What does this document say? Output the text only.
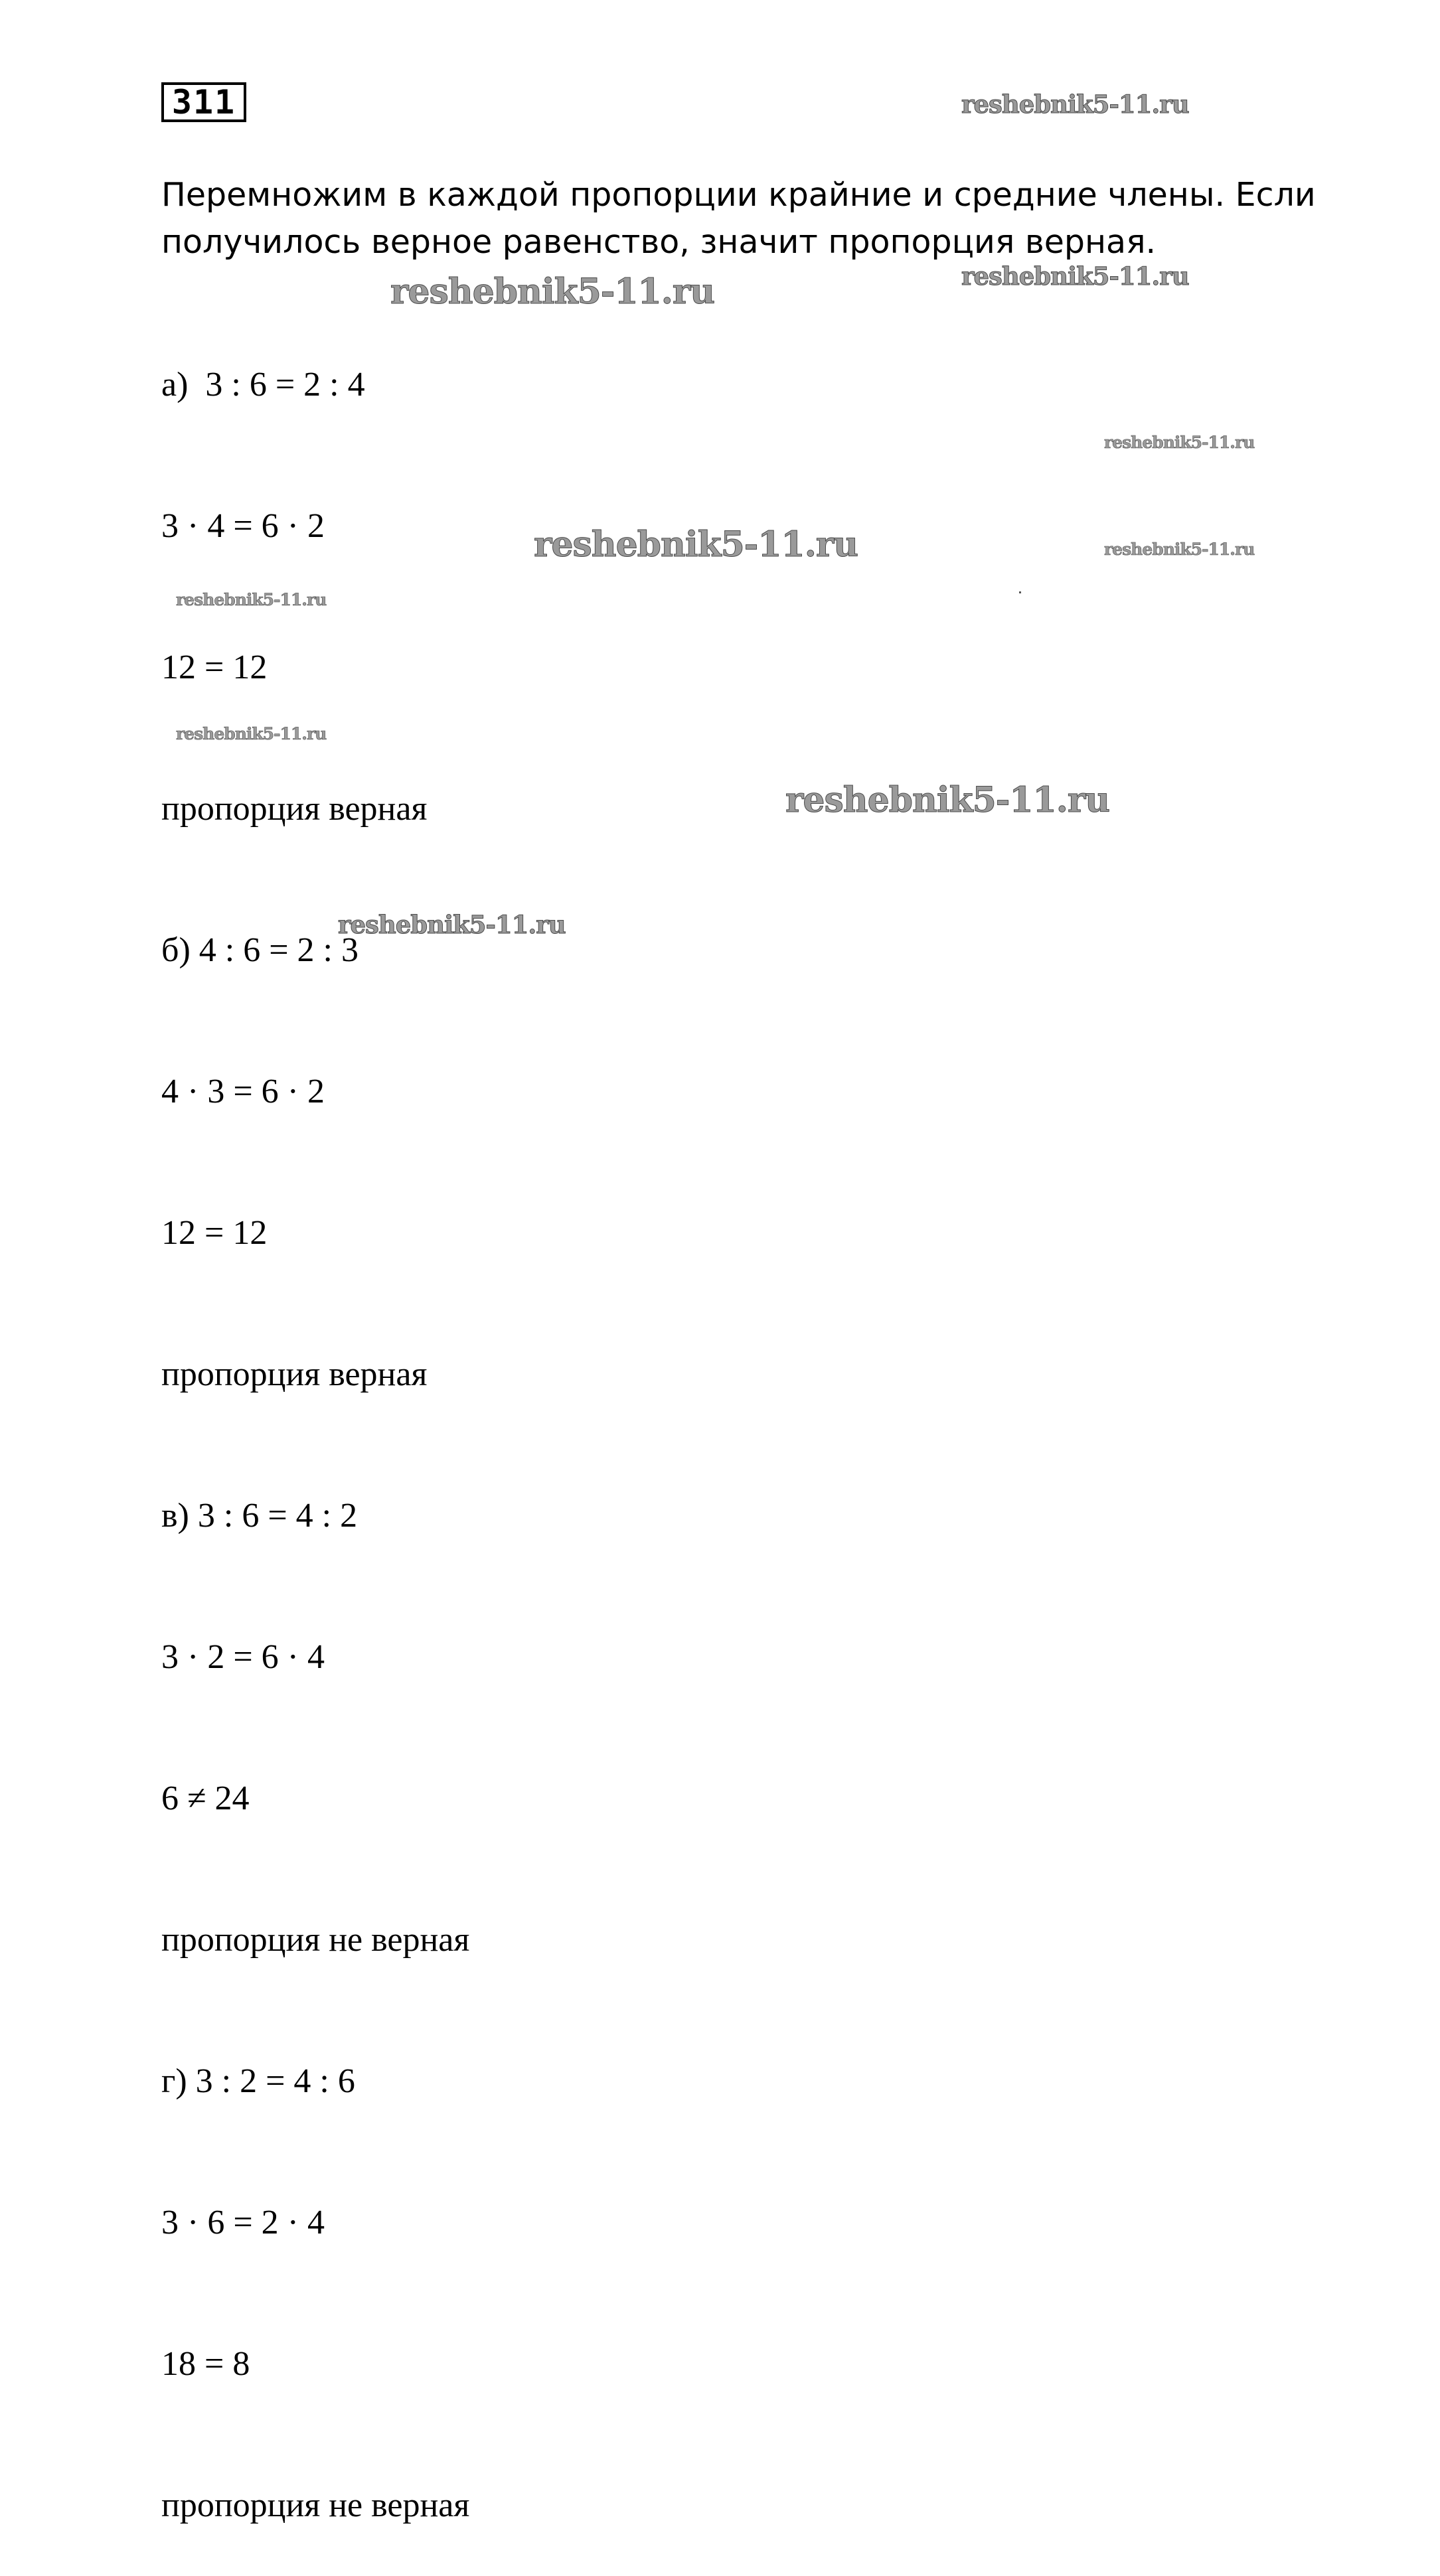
311
Перемножим в каждой пропорции крайние и средние члены. Если
получилось верное равенство, значит пропорция верная.

а)  3 : 6 = 2 : 4

3 · 4 = 6 · 2

12 = 12

пропорция верная

б) 4 : 6 = 2 : 3

4 · 3 = 6 · 2

12 = 12

пропорция верная

в) 3 : 6 = 4 : 2

3 · 2 = 6 · 4

6 ≠ 24

пропорция не верная

г) 3 : 2 = 4 : 6

3 · 6 = 2 · 4

18 = 8

пропорция не верная

reshebnik5-11.ru
reshebnik5-11.ru
reshebnik5-11.ru
reshebnik5-11.ru
reshebnik5-11.ru	reshebnik5-11.ru
reshebnik5-11.ru
reshebnik5-11.ru
reshebnik5-11.ru
reshebnik5-11.ru
